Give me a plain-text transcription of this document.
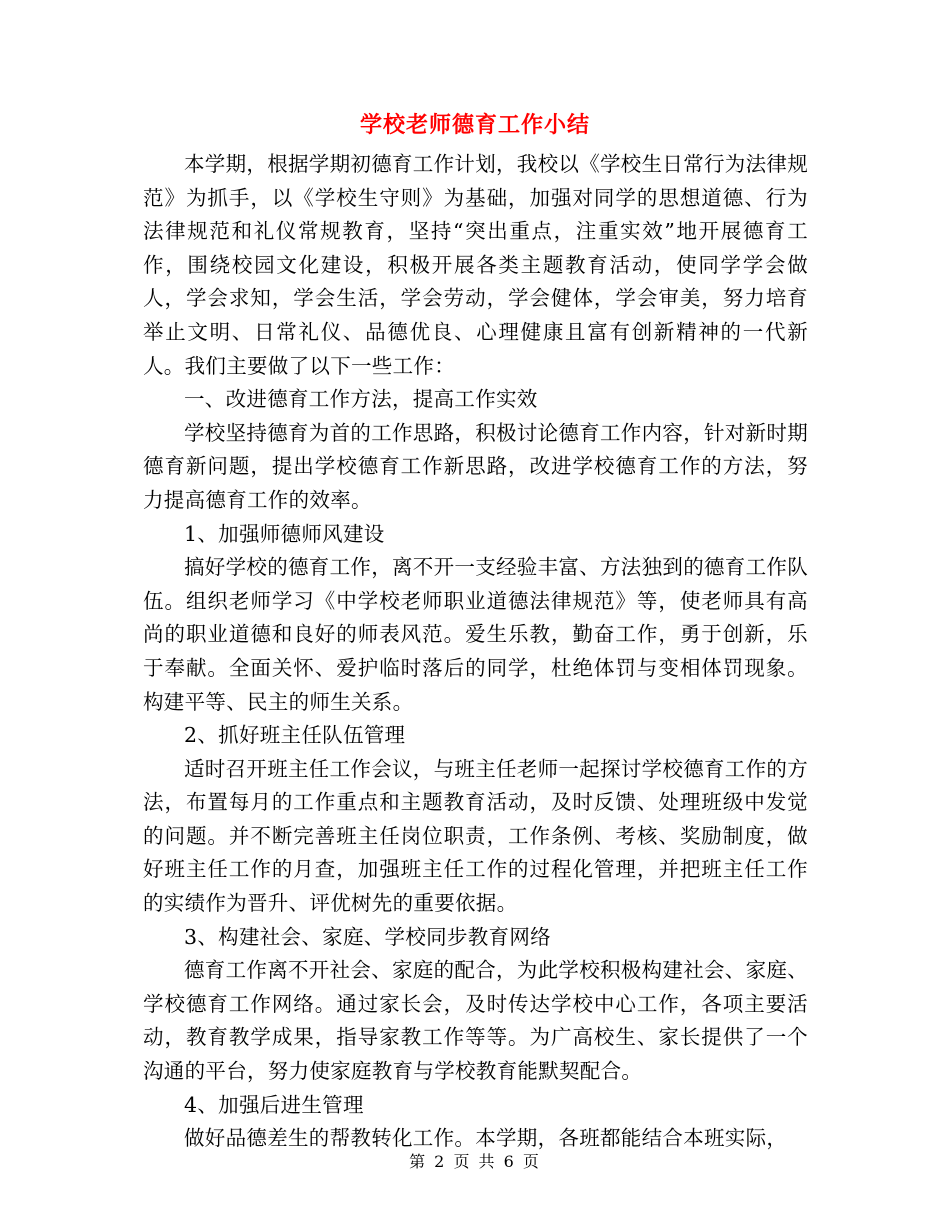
学校老师德育工作小结

本学期，根据学期初德育工作计划，我校以《学校生日常行为法律规范》为抓手，以《学校生守则》为基础，加强对同学的思想道德、行为法律规范和礼仪常规教育，坚持“突出重点，注重实效”地开展德育工作，围绕校园文化建设，积极开展各类主题教育活动，使同学学会做人，学会求知，学会生活，学会劳动，学会健体，学会审美，努力培育举止文明、日常礼仪、品德优良、心理健康且富有创新精神的一代新人。我们主要做了以下一些工作：

一、改进德育工作方法，提高工作实效

学校坚持德育为首的工作思路，积极讨论德育工作内容，针对新时期德育新问题，提出学校德育工作新思路，改进学校德育工作的方法，努力提高德育工作的效率。

1、加强师德师风建设

搞好学校的德育工作，离不开一支经验丰富、方法独到的德育工作队伍。组织老师学习《中学校老师职业道德法律规范》等，使老师具有高尚的职业道德和良好的师表风范。爱生乐教，勤奋工作，勇于创新，乐于奉献。全面关怀、爱护临时落后的同学，杜绝体罚与变相体罚现象。构建平等、民主的师生关系。

2、抓好班主任队伍管理

适时召开班主任工作会议，与班主任老师一起探讨学校德育工作的方法，布置每月的工作重点和主题教育活动，及时反馈、处理班级中发觉的问题。并不断完善班主任岗位职责，工作条例、考核、奖励制度，做好班主任工作的月查，加强班主任工作的过程化管理，并把班主任工作的实绩作为晋升、评优树先的重要依据。

3、构建社会、家庭、学校同步教育网络

德育工作离不开社会、家庭的配合，为此学校积极构建社会、家庭、学校德育工作网络。通过家长会，及时传达学校中心工作，各项主要活动，教育教学成果，指导家教工作等等。为广高校生、家长提供了一个沟通的平台，努力使家庭教育与学校教育能默契配合。

4、加强后进生管理

做好品德差生的帮教转化工作。本学期，各班都能结合本班实际，

第 2 页 共 6 页
